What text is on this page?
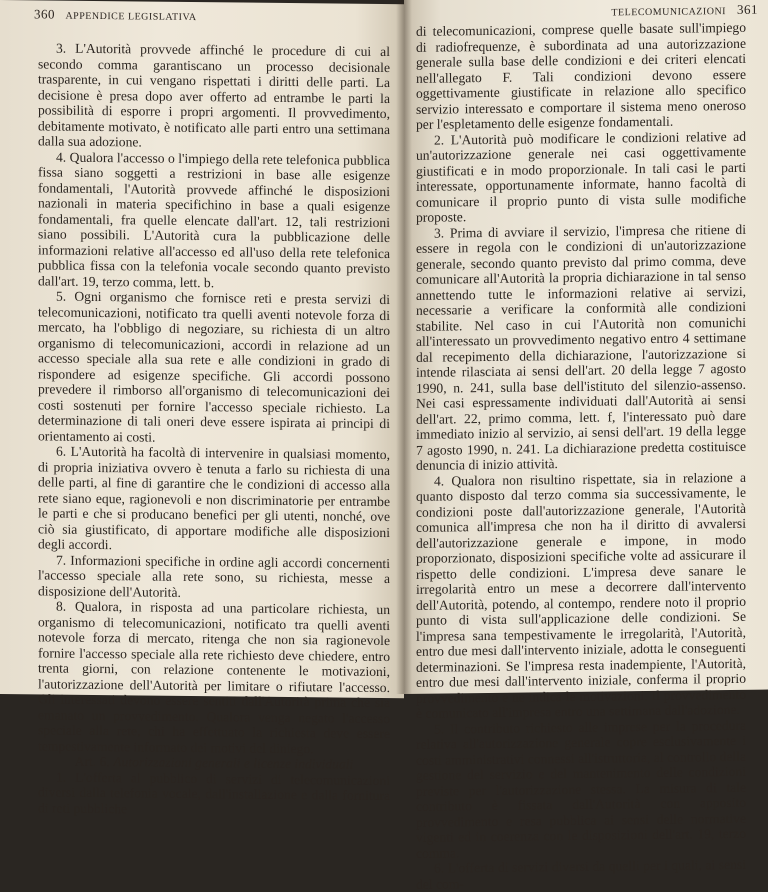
360 APPENDICE LEGISLATIVA

3. L'Autorità provvede affinché le procedure di cui al secondo comma garantiscano un processo decisionale trasparente, in cui vengano rispettati i diritti delle parti. La decisione è presa dopo aver offerto ad entrambe le parti la possibilità di esporre i propri argomenti. Il provvedimento, debitamente motivato, è notificato alle parti entro una settimana dalla sua adozione.

4. Qualora l'accesso o l'impiego della rete telefonica pubblica fissa siano soggetti a restrizioni in base alle esigenze fondamentali, l'Autorità provvede affinché le disposizioni nazionali in materia specifichino in base a quali esigenze fondamentali, fra quelle elencate dall'art. 12, tali restrizioni siano possibili. L'Autorità cura la pubblicazione delle informazioni relative all'accesso ed all'uso della rete telefonica pubblica fissa con la telefonia vocale secondo quanto previsto dall'art. 19, terzo comma, lett. b.

5. Ogni organismo che fornisce reti e presta servizi di telecomunicazioni, notificato tra quelli aventi notevole forza di mercato, ha l'obbligo di negoziare, su richiesta di un altro organismo di telecomunicazioni, accordi in relazione ad un accesso speciale alla sua rete e alle condizioni in grado di rispondere ad esigenze specifiche. Gli accordi possono prevedere il rimborso all'organismo di telecomunicazioni dei costi sostenuti per fornire l'accesso speciale richiesto. La determinazione di tali oneri deve essere ispirata ai principi di orientamento ai costi.

6. L'Autorità ha facoltà di intervenire in qualsiasi momento, di propria iniziativa ovvero è tenuta a farlo su richiesta di una delle parti, al fine di garantire che le condizioni di accesso alla rete siano eque, ragionevoli e non discriminatorie per entrambe le parti e che si producano benefici per gli utenti, nonché, ove ciò sia giustificato, di apportare modifiche alle disposizioni degli accordi.

7. Informazioni specifiche in ordine agli accordi concernenti l'accesso speciale alla rete sono, su richiesta, messe a disposizione dell'Autorità.

8. Qualora, in risposta ad una particolare richiesta, un organismo di telecomunicazioni, notificato tra quelli aventi notevole forza di mercato, ritenga che non sia ragionevole fornire l'accesso speciale alla rete richiesto deve chiedere, entro trenta giorni, con relazione contenente le motivazioni, l'autorizzazione dell'Autorità per limitare o rifiutare l'accesso. Gli interessati devono essere sentiti dall'Autorità prima che sia emanato un provvedimento. Qualora venga negato l'accesso speciale alla rete, chi ha effettuato la richiesta deve essere tempestivamente informato dei motivi del diniego.

Art. 6. Autorizzazioni generali e licenze individuali

1. L'offerta al pubblico di servizi di telecomunicazioni diversi dalla telefonia vocale, dall'installazione e dalla fornitura di reti pubbliche

TELECOMUNICAZIONI 361

di telecomunicazioni, comprese quelle basate sull'impiego di radiofrequenze, è subordinata ad una autorizzazione generale sulla base delle condizioni e dei criteri elencati nell'allegato F. Tali condizioni devono essere oggettivamente giustificate in relazione allo specifico servizio interessato e comportare il sistema meno oneroso per l'espletamento delle esigenze fondamentali.

2. L'Autorità può modificare le condizioni relative ad un'autorizzazione generale nei casi oggettivamente giustificati e in modo proporzionale. In tali casi le parti interessate, opportunamente informate, hanno facoltà di comunicare il proprio punto di vista sulle modifiche proposte.

3. Prima di avviare il servizio, l'impresa che ritiene di essere in regola con le condizioni di un'autorizzazione generale, secondo quanto previsto dal primo comma, deve comunicare all'Autorità la propria dichiarazione in tal senso annettendo tutte le informazioni relative ai servizi, necessarie a verificare la conformità alle condizioni stabilite. Nel caso in cui l'Autorità non comunichi all'interessato un provvedimento negativo entro 4 settimane dal recepimento della dichiarazione, l'autorizzazione si intende rilasciata ai sensi dell'art. 20 della legge 7 agosto 1990, n. 241, sulla base dell'istituto del silenzio-assenso. Nei casi espressamente individuati dall'Autorità ai sensi dell'art. 22, primo comma, lett. f, l'interessato può dare immediato inizio al servizio, ai sensi dell'art. 19 della legge 7 agosto 1990, n. 241. La dichiarazione predetta costituisce denuncia di inizio attività.

4. Qualora non risultino rispettate, sia in relazione a quanto disposto dal terzo comma sia successivamente, le condizioni poste dall'autorizzazione generale, l'Autorità comunica all'impresa che non ha il diritto di avvalersi dell'autorizzazione generale e impone, in modo proporzionato, disposizioni specifiche volte ad assicurare il rispetto delle condizioni. L'impresa deve sanare le irregolarità entro un mese a decorrere dall'intervento dell'Autorità, potendo, al contempo, rendere noto il proprio punto di vista sull'applicazione delle condizioni. Se l'impresa sana tempestivamente le irregolarità, l'Autorità, entro due mesi dall'intervento iniziale, adotta le conseguenti determinazioni. Se l'impresa resta inadempiente, l'Autorità, entro due mesi dall'intervento iniziale, conferma il proprio provvedimento e ne indica le motivazioni. Il provvedimento è comunicato all'impresa entro una settimana dall'adozione.

5. Il contributo richiesto alle imprese per la procedura relativa all'autorizzazione generale copre esclusivamente i costi amministrativi connessi all'istruttoria, al controllo della gestione del servizio e del mantenimento delle condizioni previste per l'autorizzazione stessa. La misura di tale contributo è fissata dall'Autorità con apposito provvedimento e resa pubblica ai sensi delle normative vigenti ed in coerenza con le disposizioni dell'art. 19, terzo comma.

6. L'offerta di servizi diversi da quelli per i quali, ai sensi del com-
